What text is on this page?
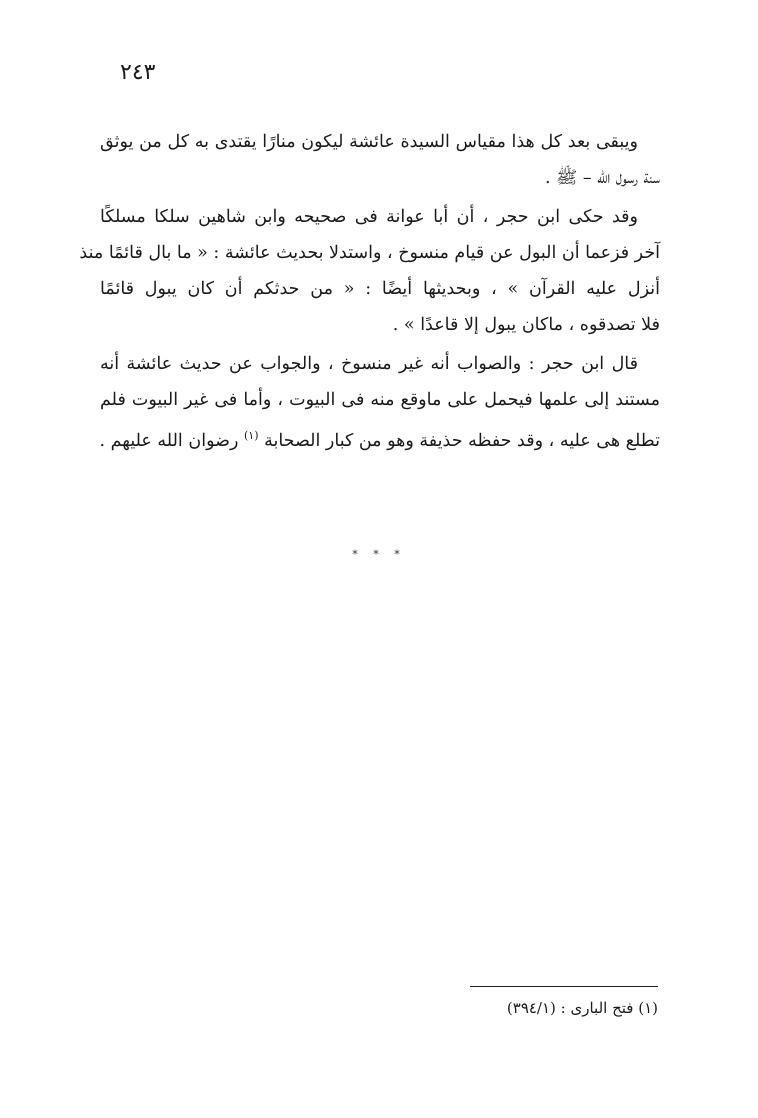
٢٤٣

ويبقى بعد كل هذا مقياس السيدة عائشة ليكون منارًا يقتدى به كل من يوثق
سنة رسول الله – ﷺ .

وقد حكى ابن حجر ، أن أبا عوانة فى صحيحه وابن شاهين سلكا مسلكًا
آخر فزعما أن البول عن قيام منسوخ ، واستدلا بحديث عائشة : « ما بال قائمًا منذ
أنزل عليه القرآن » ، وبحديثها أيضًا : « من حدثكم أن كان يبول قائمًا
فلا تصدقوه ، ماكان يبول إلا قاعدًا » .

قال ابن حجر : والصواب أنه غير منسوخ ، والجواب عن حديث عائشة أنه
مستند إلى علمها فيحمل على ماوقع منه فى البيوت ، وأما فى غير البيوت فلم
تطلع هى عليه ، وقد حفظه حذيفة وهو من كبار الصحابة $^{(١)}$ رضوان الله عليهم .

* * *
(١) فتح البارى : (٣٩٤/١)
